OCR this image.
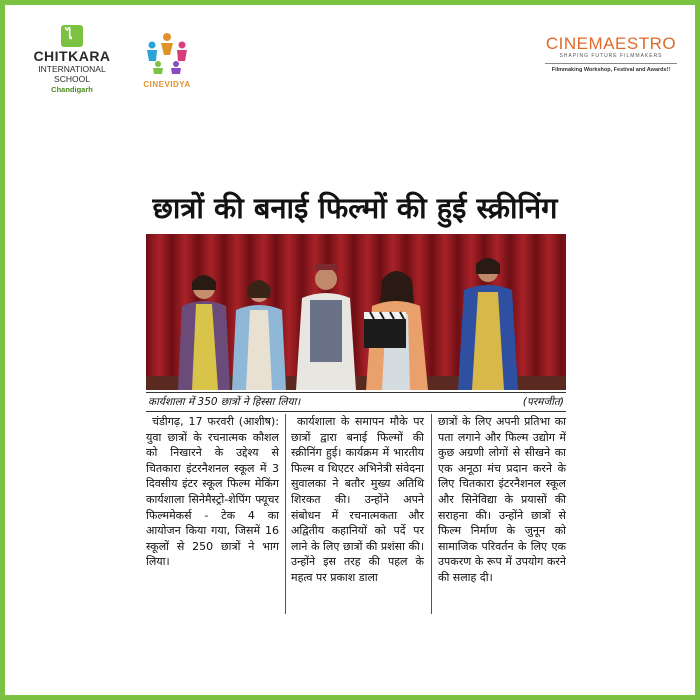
ไ
CHITKARA
INTERNATIONAL
SCHOOL
Chandigarh
CINEVIDYA
CINEMAESTRO
SHAPING FUTURE FILMMAKERS
Filmmaking Workshop, Festival and Awards!!
छात्रों की बनाई फिल्मों की हुई स्क्रीनिंग
कार्यशाला में 350 छात्रों ने हिस्सा लिया।	(परमजीत)
चंडीगढ़, 17 फरवरी (आशीष): युवा छात्रों के रचनात्मक कौशल को निखारने के उद्देश्य से चितकारा इंटरनैशनल स्कूल में 3 दिवसीय इंटर स्कूल फिल्म मेकिंग कार्यशाला सिनेमैस्ट्रो-शेपिंग फ्यूचर फिल्ममेकर्स - टेक 4 का आयोजन किया गया, जिसमें 16 स्कूलों से 250 छात्रों ने भाग लिया।
कार्यशाला के समापन मौके पर छात्रों द्वारा बनाई फिल्मों की स्क्रीनिंग हुई। कार्यक्रम में भारतीय फिल्म व थिएटर अभिनेत्री संवेदना सुवालका ने बतौर मुख्य अतिथि शिरकत की। उन्होंने अपने संबोधन में रचनात्मकता और अद्वितीय कहानियों को पर्दे पर लाने के लिए छात्रों की प्रशंसा की। उन्होंने इस तरह की पहल के महत्व पर प्रकाश डाला
छात्रों के लिए अपनी प्रतिभा का पता लगाने और फिल्म उद्योग में कुछ अग्रणी लोगों से सीखने का एक अनूठा मंच प्रदान करने के लिए चितकारा इंटरनैशनल स्कूल और सिनेविद्या के प्रयासों की सराहना की। उन्होंने छात्रों से फिल्म निर्माण के जुनून को सामाजिक परिवर्तन के लिए एक उपकरण के रूप में उपयोग करने की सलाह दी।
